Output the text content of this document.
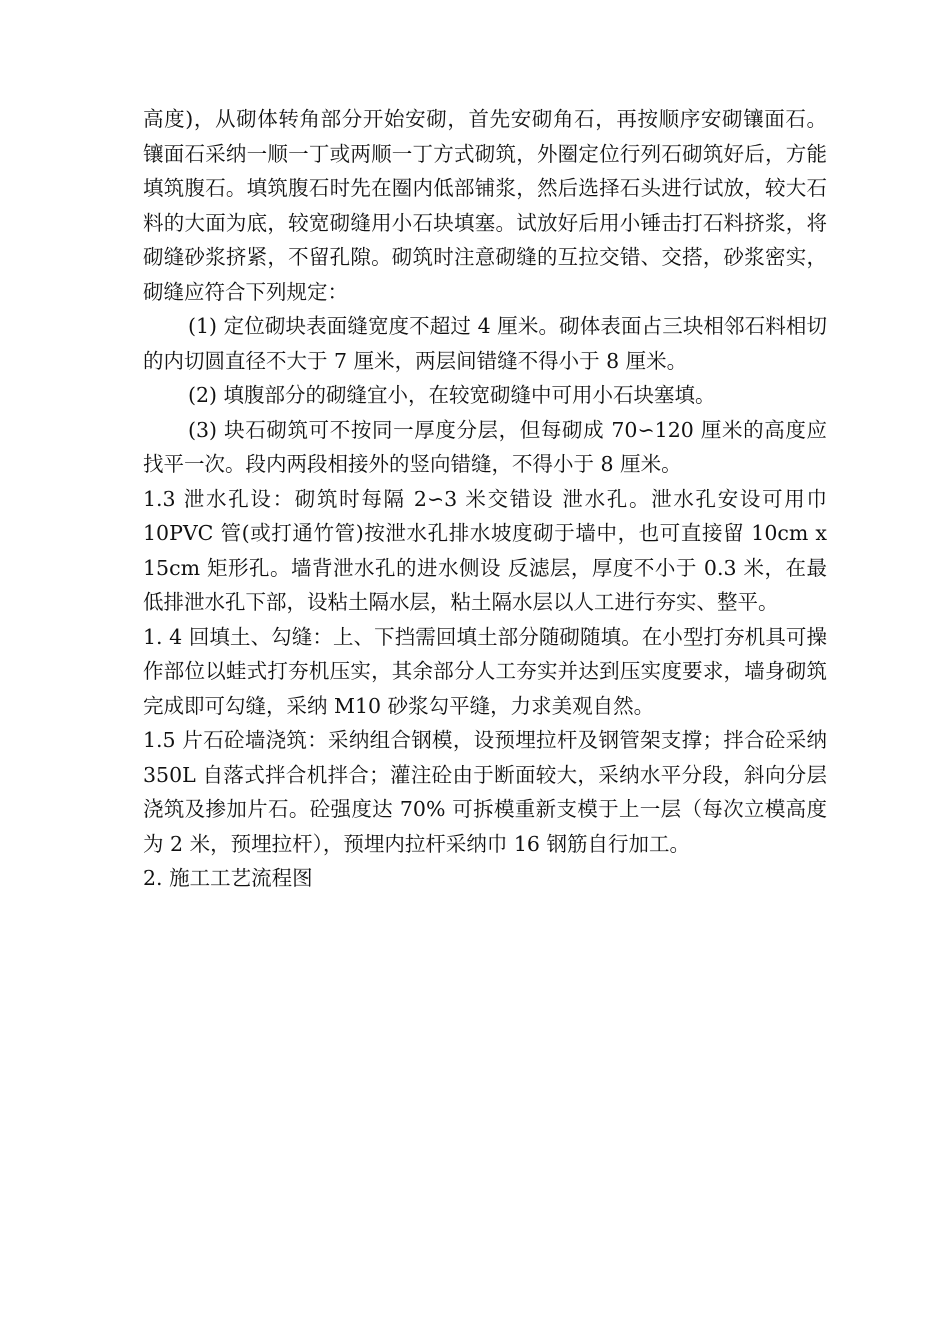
高度)，从砌体转角部分开始安砌，首先安砌角石，再按顺序安砌镶面石。镶面石采纳一顺一丁或两顺一丁方式砌筑，外圈定位行列石砌筑好后，方能填筑腹石。填筑腹石时先在圈内低部铺浆，然后选择石头进行试放，较大石料的大面为底，较宽砌缝用小石块填塞。试放好后用小锤击打石料挤浆，将砌缝砂浆挤紧，不留孔隙。砌筑时注意砌缝的互拉交错、交搭，砂浆密实，砌缝应符合下列规定：

(1) 定位砌块表面缝宽度不超过 4 厘米。砌体表面占三块相邻石料相切的内切圆直径不大于 7 厘米，两层间错缝不得小于 8 厘米。

(2) 填腹部分的砌缝宜小，在较宽砌缝中可用小石块塞填。

(3) 块石砌筑可不按同一厚度分层，但每砌成 70∽120 厘米的高度应找平一次。段内两段相接外的竖向错缝，不得小于 8 厘米。

1.3 泄水孔设：砌筑时每隔 2∽3 米交错设 泄水孔。泄水孔安设可用巾 10PVC 管(或打通竹管)按泄水孔排水坡度砌于墙中，也可直接留 10cm x 15cm 矩形孔。墙背泄水孔的进水侧设 反滤层，厚度不小于 0.3 米，在最低排泄水孔下部，设粘土隔水层，粘土隔水层以人工进行夯实、整平。

1. 4 回填土、勾缝：上、下挡需回填土部分随砌随填。在小型打夯机具可操作部位以蛙式打夯机压实，其余部分人工夯实并达到压实度要求，墙身砌筑完成即可勾缝，采纳 M10 砂浆勾平缝，力求美观自然。

1.5 片石砼墙浇筑：采纳组合钢模，设预埋拉杆及钢管架支撑；拌合砼采纳 350L 自落式拌合机拌合；灌注砼由于断面较大，采纳水平分段，斜向分层浇筑及掺加片石。砼强度达 70% 可拆模重新支模于上一层（每次立模高度为 2 米，预埋拉杆），预埋内拉杆采纳巾 16 钢筋自行加工。

2. 施工工艺流程图
